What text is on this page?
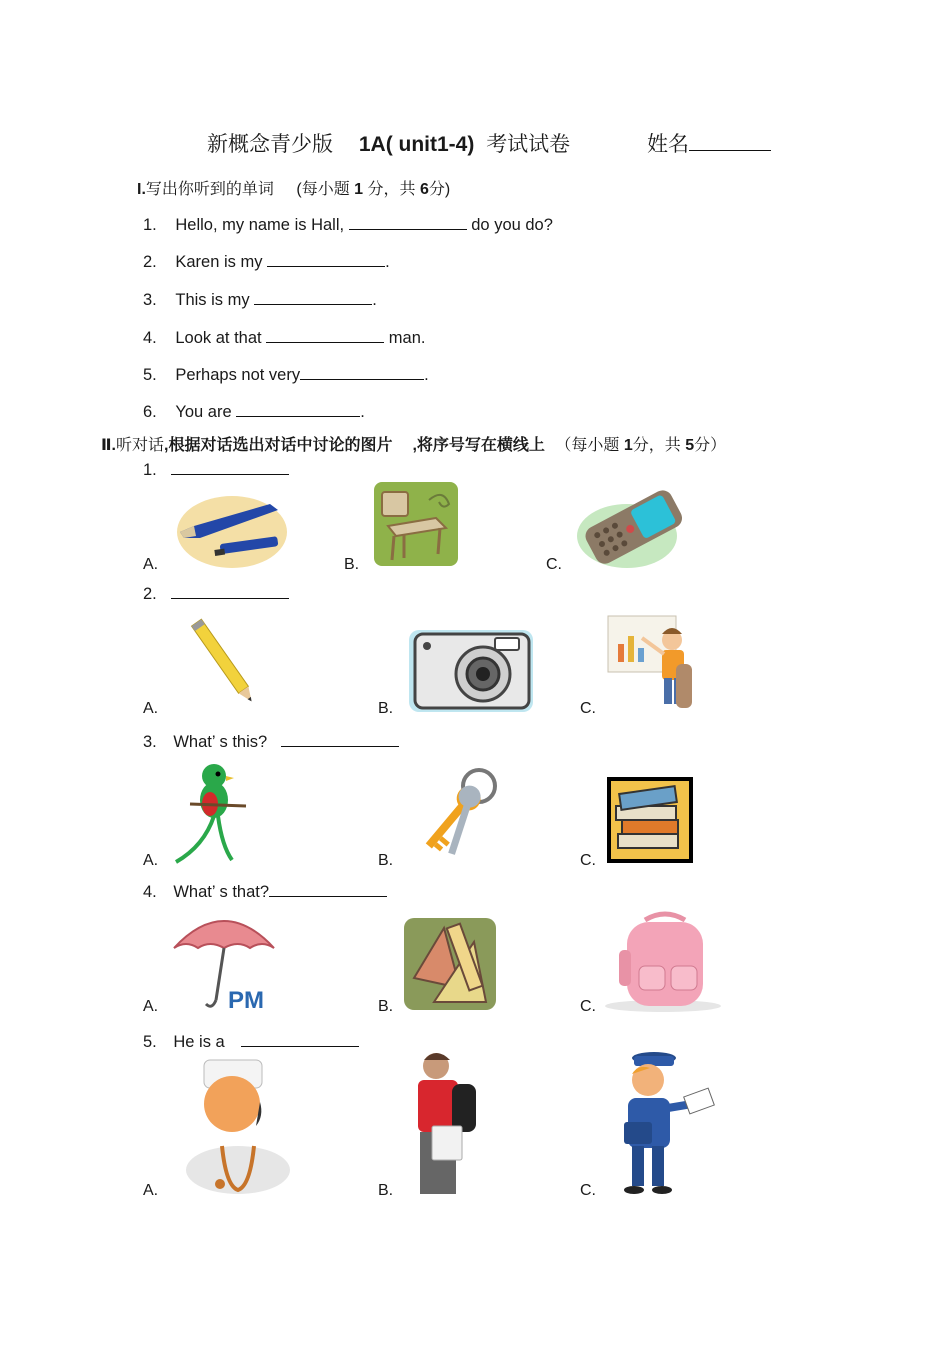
新概念青少版 1A( unit1-4) 考试试卷	姓名
I.写出你听到的单词 (每小题 1 分，共 6分)
1. Hello, my name is Hall,	do you do?
2. Karen is my	.
3. This is my	.
4. Look at that	man.
5. Perhaps not very	.
6. You are	.
Ⅱ.听对话,根据对话选出对话中讨论的图片 ,将序号写在横线上 （每小题 1分，共 5分）
1.
A.	B.	C.
2.
A.	B.	C.
3. What’ s this?
A.	B.	C.
4. What’ s that?
A.	B.	C.
PM
5. He is a
A.	B.	C.
